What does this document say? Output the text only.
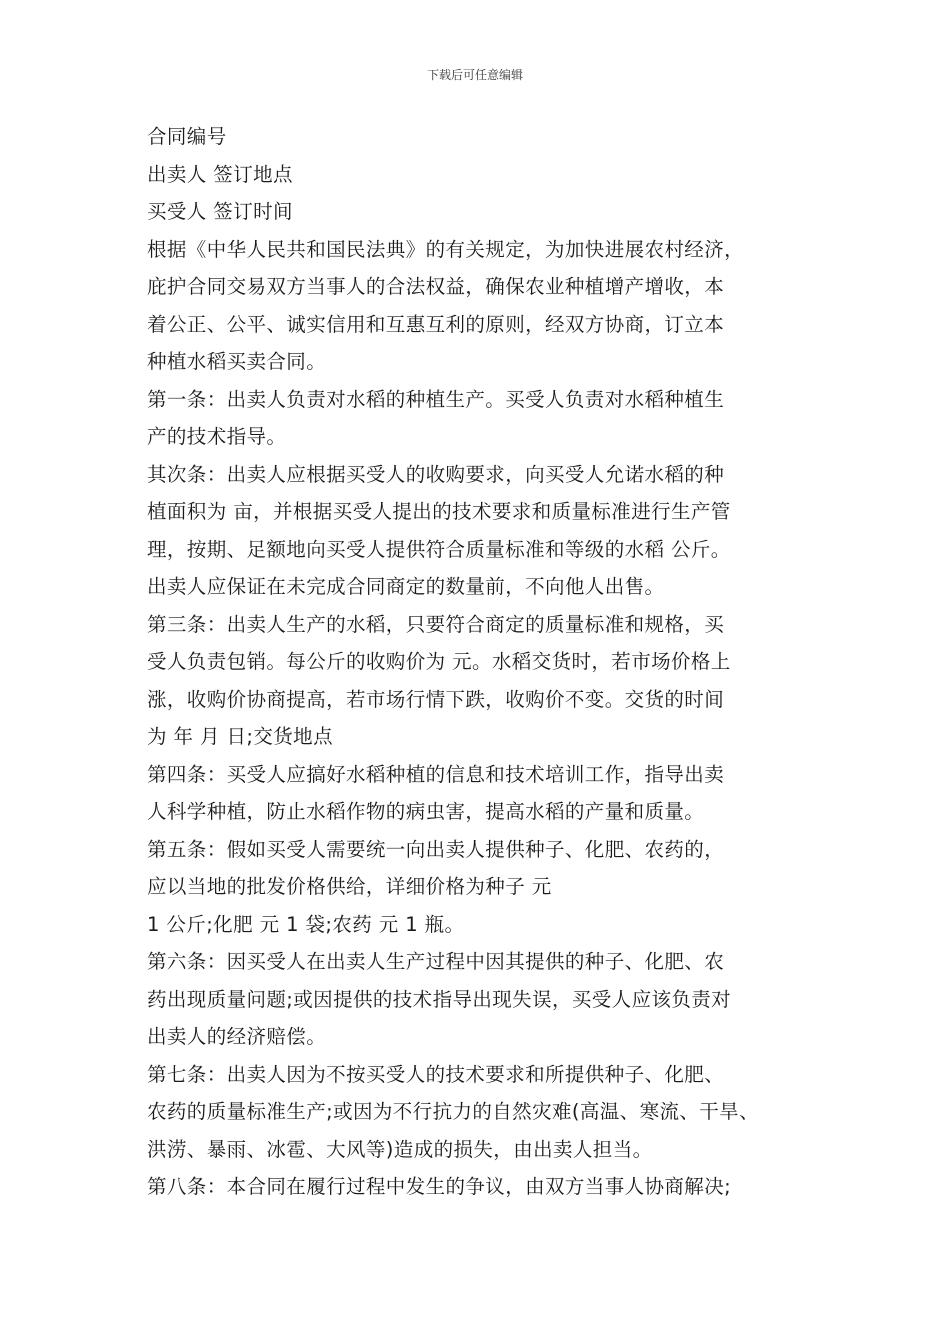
下载后可任意编辑
合同编号
出卖人 签订地点
买受人 签订时间
根据《中华人民共和国民法典》的有关规定，为加快进展农村经济，
庇护合同交易双方当事人的合法权益，确保农业种植增产增收，本
着公正、公平、诚实信用和互惠互利的原则，经双方协商，订立本
种植水稻买卖合同。
第一条：出卖人负责对水稻的种植生产。买受人负责对水稻种植生
产的技术指导。
其次条：出卖人应根据买受人的收购要求，向买受人允诺水稻的种
植面积为 亩，并根据买受人提出的技术要求和质量标准进行生产管
理，按期、足额地向买受人提供符合质量标准和等级的水稻 公斤。
出卖人应保证在未完成合同商定的数量前，不向他人出售。
第三条：出卖人生产的水稻，只要符合商定的质量标准和规格，买
受人负责包销。每公斤的收购价为 元。水稻交货时，若市场价格上
涨，收购价协商提高，若市场行情下跌，收购价不变。交货的时间
为 年 月 日;交货地点
第四条：买受人应搞好水稻种植的信息和技术培训工作，指导出卖
人科学种植，防止水稻作物的病虫害，提高水稻的产量和质量。
第五条：假如买受人需要统一向出卖人提供种子、化肥、农药的，
应以当地的批发价格供给，详细价格为种子 元
1 公斤;化肥 元 1 袋;农药 元 1 瓶。
第六条：因买受人在出卖人生产过程中因其提供的种子、化肥、农
药出现质量问题;或因提供的技术指导出现失误，买受人应该负责对
出卖人的经济赔偿。
第七条：出卖人因为不按买受人的技术要求和所提供种子、化肥、
农药的质量标准生产;或因为不行抗力的自然灾难(高温、寒流、干旱、
洪涝、暴雨、冰雹、大风等)造成的损失，由出卖人担当。
第八条：本合同在履行过程中发生的争议，由双方当事人协商解决;
